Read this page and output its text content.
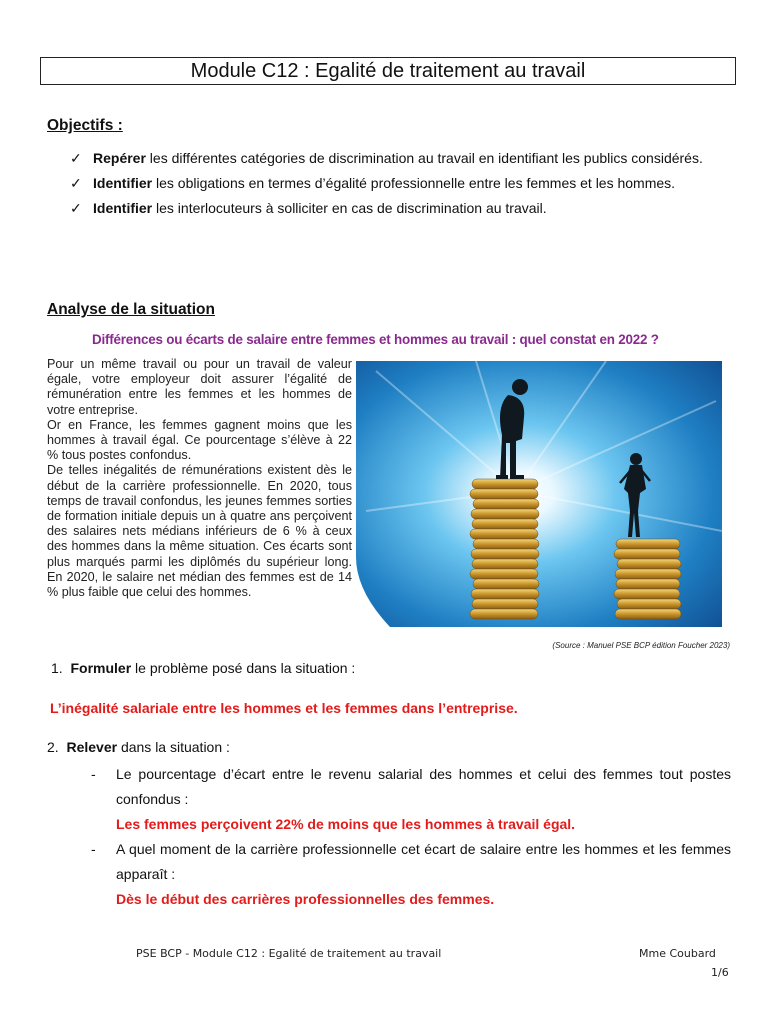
Module C12 : Egalité de traitement au travail
Objectifs :
✓ Repérer les différentes catégories de discrimination au travail en identifiant les publics considérés.
✓ Identifier les obligations en termes d’égalité professionnelle entre les femmes et les hommes.
✓ Identifier les interlocuteurs à solliciter en cas de discrimination au travail.
Analyse de la situation
Différences ou écarts de salaire entre femmes et hommes au travail : quel constat en 2022 ?

Pour un même travail ou pour un travail de valeur égale, votre employeur doit assurer l’égalité de rémunération entre les femmes et les hommes de votre entreprise.

Or en France, les femmes gagnent moins que les hommes à travail égal. Ce pourcentage s’élève à 22 % tous postes confondus.

De telles inégalités de rémunérations existent dès le début de la carrière professionnelle. En 2020, tous temps de travail confondus, les jeunes femmes sorties de formation initiale depuis un à quatre ans perçoivent des salaires nets médians inférieurs de 6 % à ceux des hommes dans la même situation. Ces écarts sont plus marqués parmi les diplômés du supérieur long. En 2020, le salaire net médian des femmes est de 14 % plus faible que celui des hommes.

(Source : Manuel PSE BCP édition Foucher 2023)
1. Formuler le problème posé dans la situation :
L’inégalité salariale entre les hommes et les femmes dans l’entreprise.
2. Relever dans la situation :
- Le pourcentage d’écart entre le revenu salarial des hommes et celui des femmes tout postes confondus :
Les femmes perçoivent 22% de moins que les hommes à travail égal.
- A quel moment de la carrière professionnelle cet écart de salaire entre les hommes et les femmes apparaît :
Dès le début des carrières professionnelles des femmes.
PSE BCP - Module C12 : Egalité de traitement au travail	Mme Coubard
1/6
